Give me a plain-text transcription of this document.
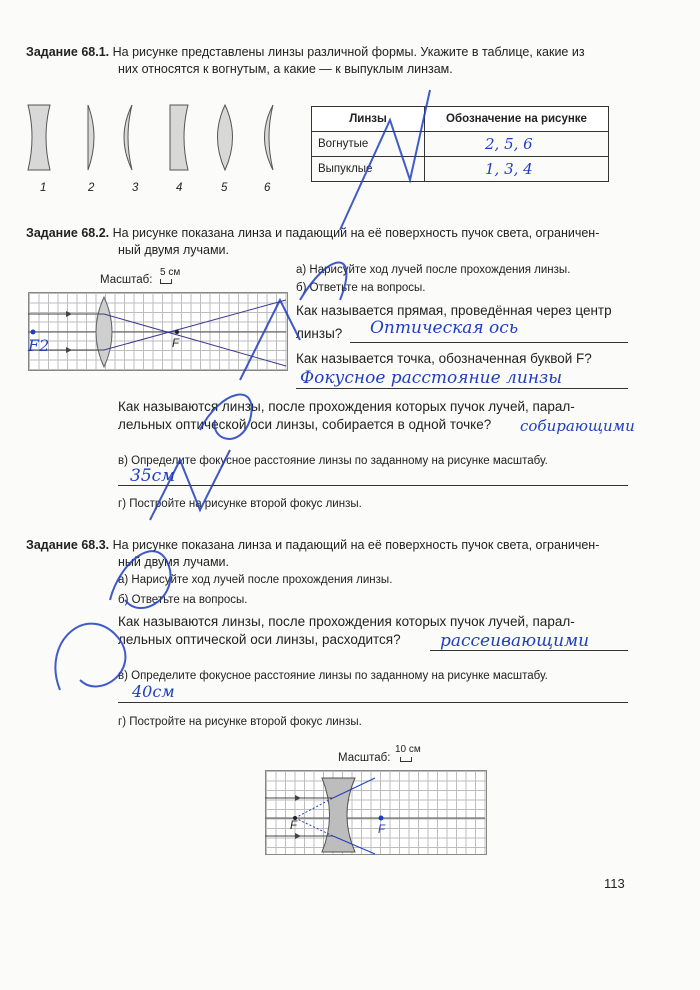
Задание 68.1. На рисунке представлены линзы различной формы. Укажите в таблице, какие из
них относятся к вогнутым, а какие — к выпуклым линзам.
1	2	3	4	5	6
Линзы	Обозначение на рисунке
Вогнутые	2, 5, 6
Выпуклые	1, 3, 4
Задание 68.2. На рисунке показана линза и падающий на её поверхность пучок света, ограничен-
ный двумя лучами.
Масштаб:
5 см
F
F2
а) Нарисуйте ход лучей после прохождения линзы.
б) Ответьте на вопросы.
Как называется прямая, проведённая через центр
линзы? Оптическая ось
Как называется точка, обозначенная буквой F?
Фокусное расстояние линзы
Как называются линзы, после прохождения которых пучок лучей, парал-
лельных оптической оси линзы, собирается в одной точке?	собирающими
в) Определите фокусное расстояние линзы по заданному на рисунке масштабу.
35см
г) Постройте на рисунке второй фокус линзы.
Задание 68.3. На рисунке показана линза и падающий на её поверхность пучок света, ограничен-
ный двумя лучами.
а) Нарисуйте ход лучей после прохождения линзы.
б) Ответьте на вопросы.
Как называются линзы, после прохождения которых пучок лучей, парал-
лельных оптической оси линзы, расходится?	рассеивающими
в) Определите фокусное расстояние линзы по заданному на рисунке масштабу.
40см
г) Постройте на рисунке второй фокус линзы.
Масштаб:
10 см
F	F
113
